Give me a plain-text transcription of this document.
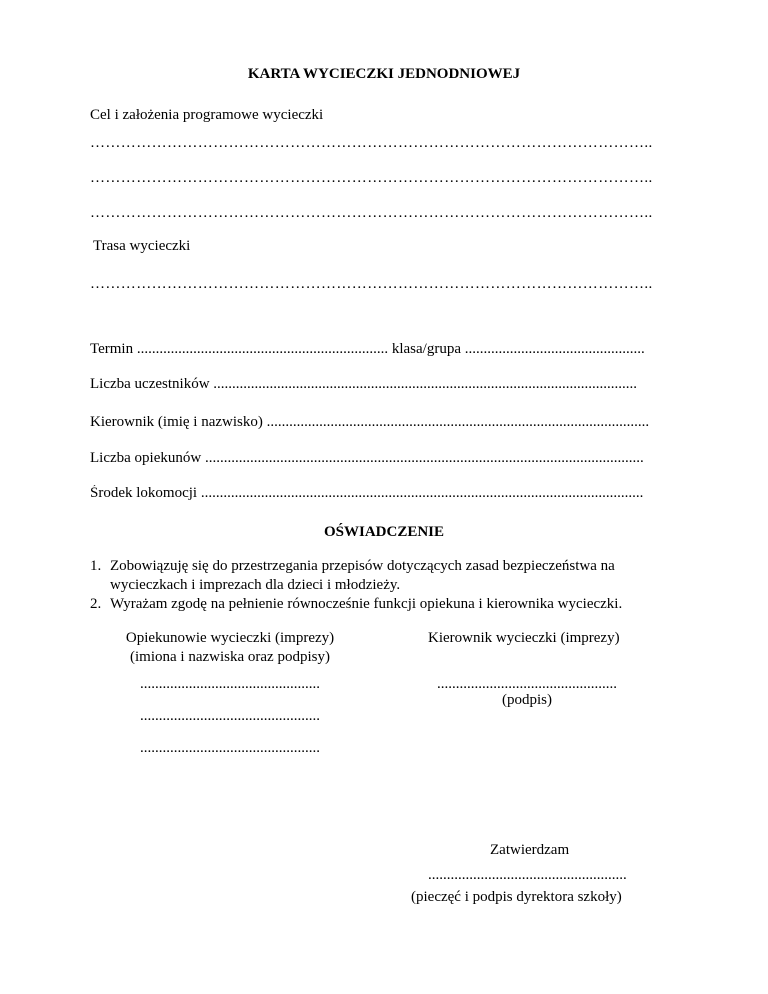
KARTA WYCIECZKI JEDNODNIOWEJ
Cel i założenia programowe wycieczki
………………………………………………………………………………………………..
………………………………………………………………………………………………..
………………………………………………………………………………………………..
Trasa wycieczki
………………………………………………………………………………………………..
Termin ................................................................... klasa/grupa ................................................
Liczba uczestników .................................................................................................................
Kierownik (imię i nazwisko) ......................................................................................................
Liczba opiekunów .....................................................................................................................
Środek lokomocji ......................................................................................................................
OŚWIADCZENIE
1. Zobowiązuję się do przestrzegania przepisów dotyczących zasad bezpieczeństwa na
wycieczkach i imprezach dla dzieci i młodzieży.
2. Wyrażam zgodę na pełnienie równocześnie funkcji opiekuna i kierownika wycieczki.
Opiekunowie wycieczki (imprezy)
(imiona i nazwiska oraz podpisy)
................................................
................................................
................................................
Kierownik wycieczki (imprezy)
................................................
(podpis)
Zatwierdzam
.....................................................
(pieczęć i podpis dyrektora szkoły)
